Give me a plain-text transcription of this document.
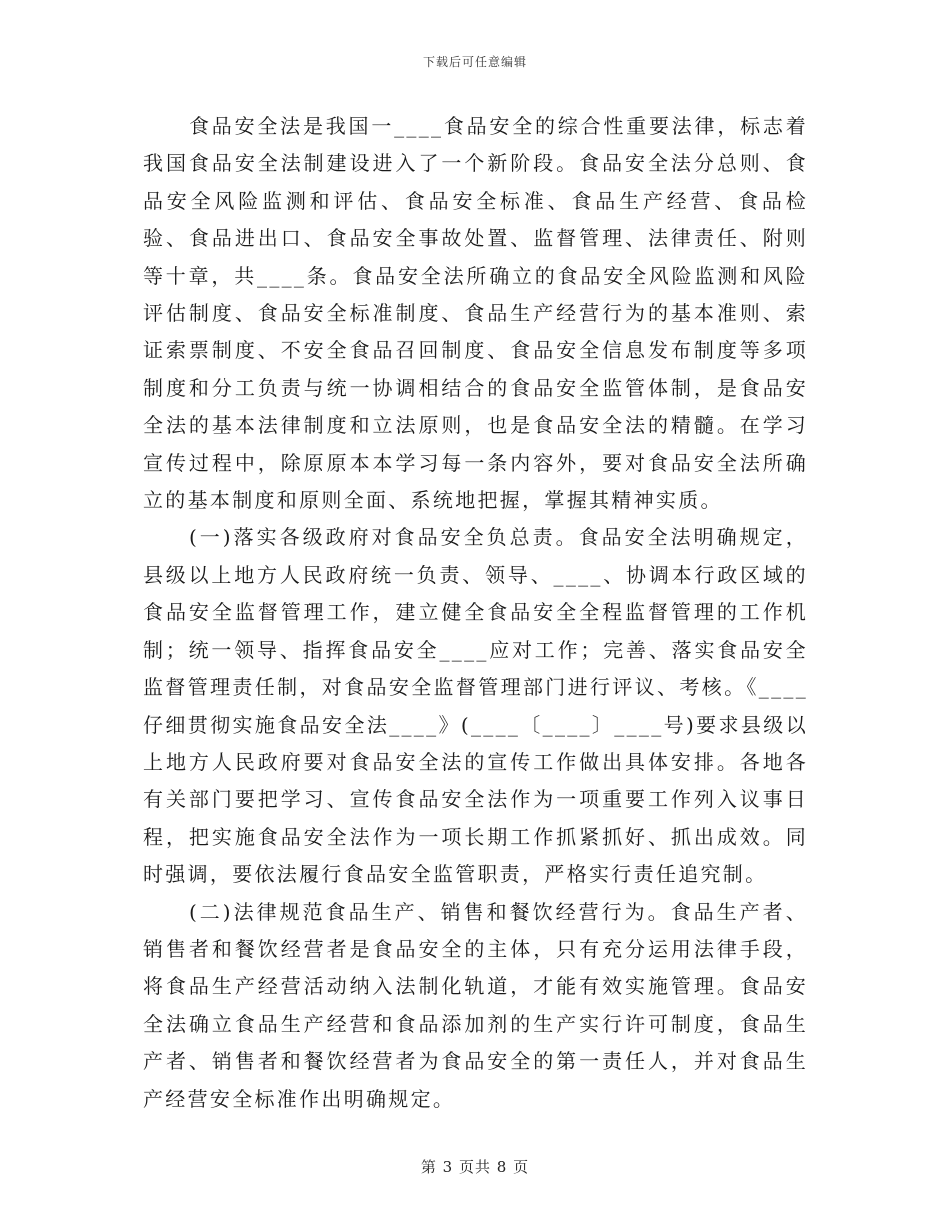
下载后可任意编辑

食品安全法是我国一____食品安全的综合性重要法律，标志着我国食品安全法制建设进入了一个新阶段。食品安全法分总则、食品安全风险监测和评估、食品安全标准、食品生产经营、食品检验、食品进出口、食品安全事故处置、监督管理、法律责任、附则等十章，共____条。食品安全法所确立的食品安全风险监测和风险评估制度、食品安全标准制度、食品生产经营行为的基本准则、索证索票制度、不安全食品召回制度、食品安全信息发布制度等多项制度和分工负责与统一协调相结合的食品安全监管体制，是食品安全法的基本法律制度和立法原则，也是食品安全法的精髓。在学习宣传过程中，除原原本本学习每一条内容外，要对食品安全法所确立的基本制度和原则全面、系统地把握，掌握其精神实质。

(一)落实各级政府对食品安全负总责。食品安全法明确规定，县级以上地方人民政府统一负责、领导、____、协调本行政区域的食品安全监督管理工作，建立健全食品安全全程监督管理的工作机制；统一领导、指挥食品安全____应对工作；完善、落实食品安全监督管理责任制，对食品安全监督管理部门进行评议、考核。《____仔细贯彻实施食品安全法____》(____〔____〕____号)要求县级以上地方人民政府要对食品安全法的宣传工作做出具体安排。各地各有关部门要把学习、宣传食品安全法作为一项重要工作列入议事日程，把实施食品安全法作为一项长期工作抓紧抓好、抓出成效。同时强调，要依法履行食品安全监管职责，严格实行责任追究制。

(二)法律规范食品生产、销售和餐饮经营行为。食品生产者、销售者和餐饮经营者是食品安全的主体，只有充分运用法律手段，将食品生产经营活动纳入法制化轨道，才能有效实施管理。食品安全法确立食品生产经营和食品添加剂的生产实行许可制度，食品生产者、销售者和餐饮经营者为食品安全的第一责任人，并对食品生产经营安全标准作出明确规定。

第 3 页共 8 页
